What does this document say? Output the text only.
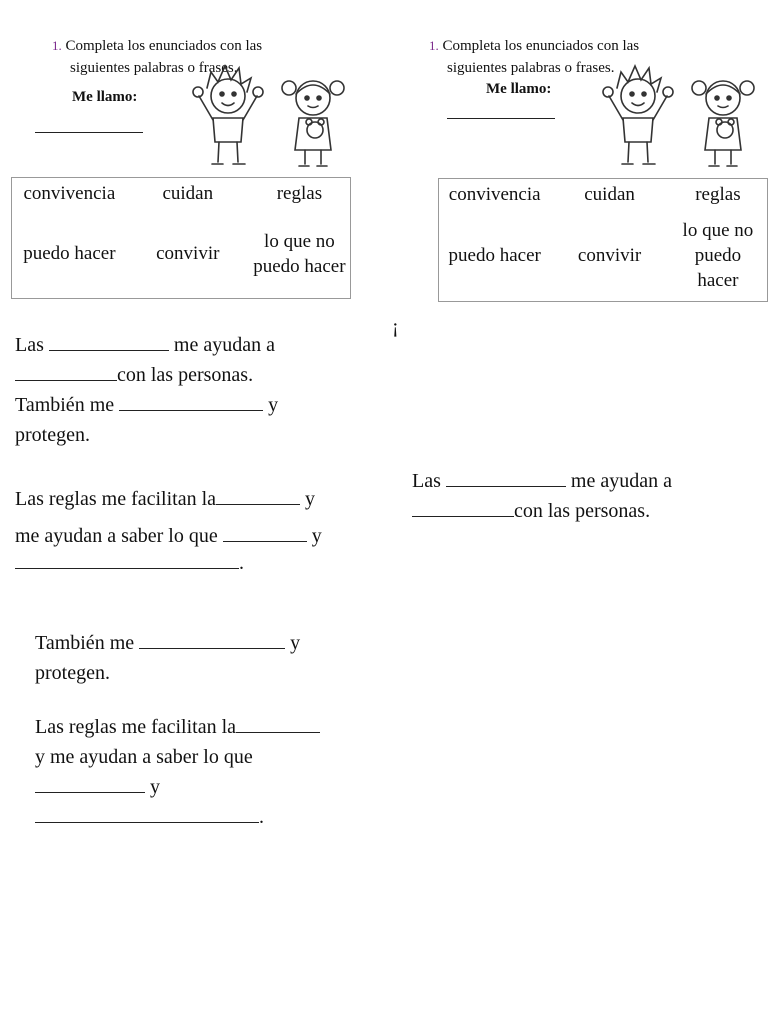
1. Completa los enunciados con las
siguientes palabras o frases.
Me llamo:
convivencia	cuidan	reglas
puedo hacer	convivir	lo que no puedo hacer
Las	me ayudan a
con las personas.
También me	y
protegen.
Las reglas me facilitan la	y
me ayudan a saber lo que	y
.
1. Completa los enunciados con las
siguientes palabras o frases.
Me llamo:
convivencia	cuidan	reglas
puedo hacer	convivir	lo que no puedo hacer
¡
Las	me ayudan a
con las personas.
También me	y
protegen.
Las reglas me facilitan la
y me ayudan a saber lo que
y
.
